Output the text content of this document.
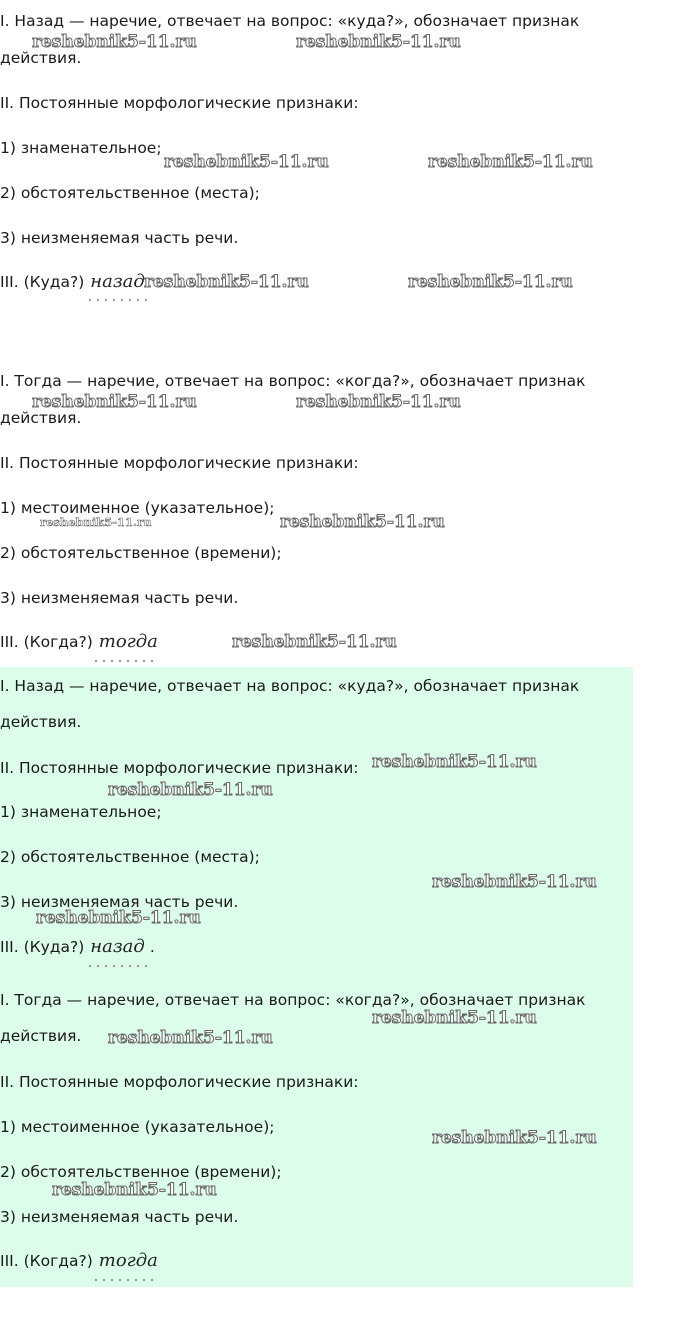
I. Назад — наречие, отвечает на вопрос: «куда?», обозначает признак
действия.
II. Постоянные морфологические признаки:
1) знаменательное;
2) обстоятельственное (места);
3) неизменяемая часть речи.
III. (Куда?) назад
I. Тогда — наречие, отвечает на вопрос: «когда?», обозначает признак
действия.
II. Постоянные морфологические признаки:
1) местоименное (указательное);
2) обстоятельственное (времени);
3) неизменяемая часть речи.
III. (Когда?) тогда
I. Назад — наречие, отвечает на вопрос: «куда?», обозначает признак
действия.
II. Постоянные морфологические признаки:
1) знаменательное;
2) обстоятельственное (места);
3) неизменяемая часть речи.
III. (Куда?) назад .
I. Тогда — наречие, отвечает на вопрос: «когда?», обозначает признак
действия.
II. Постоянные морфологические признаки:
1) местоименное (указательное);
2) обстоятельственное (времени);
3) неизменяемая часть речи.
III. (Когда?) тогда
reshebnik5-11.ru	reshebnik5-11.ru
reshebnik5-11.ru	reshebnik5-11.ru
reshebnik5-11.ru	reshebnik5-11.ru
reshebnik5-11.ru	reshebnik5-11.ru
reshebnik5-11.ru	reshebnik5-11.ru
reshebnik5-11.ru
reshebnik5-11.ru
reshebnik5-11.ru
reshebnik5-11.ru
reshebnik5-11.ru
reshebnik5-11.ru
reshebnik5-11.ru
reshebnik5-11.ru
reshebnik5-11.ru
